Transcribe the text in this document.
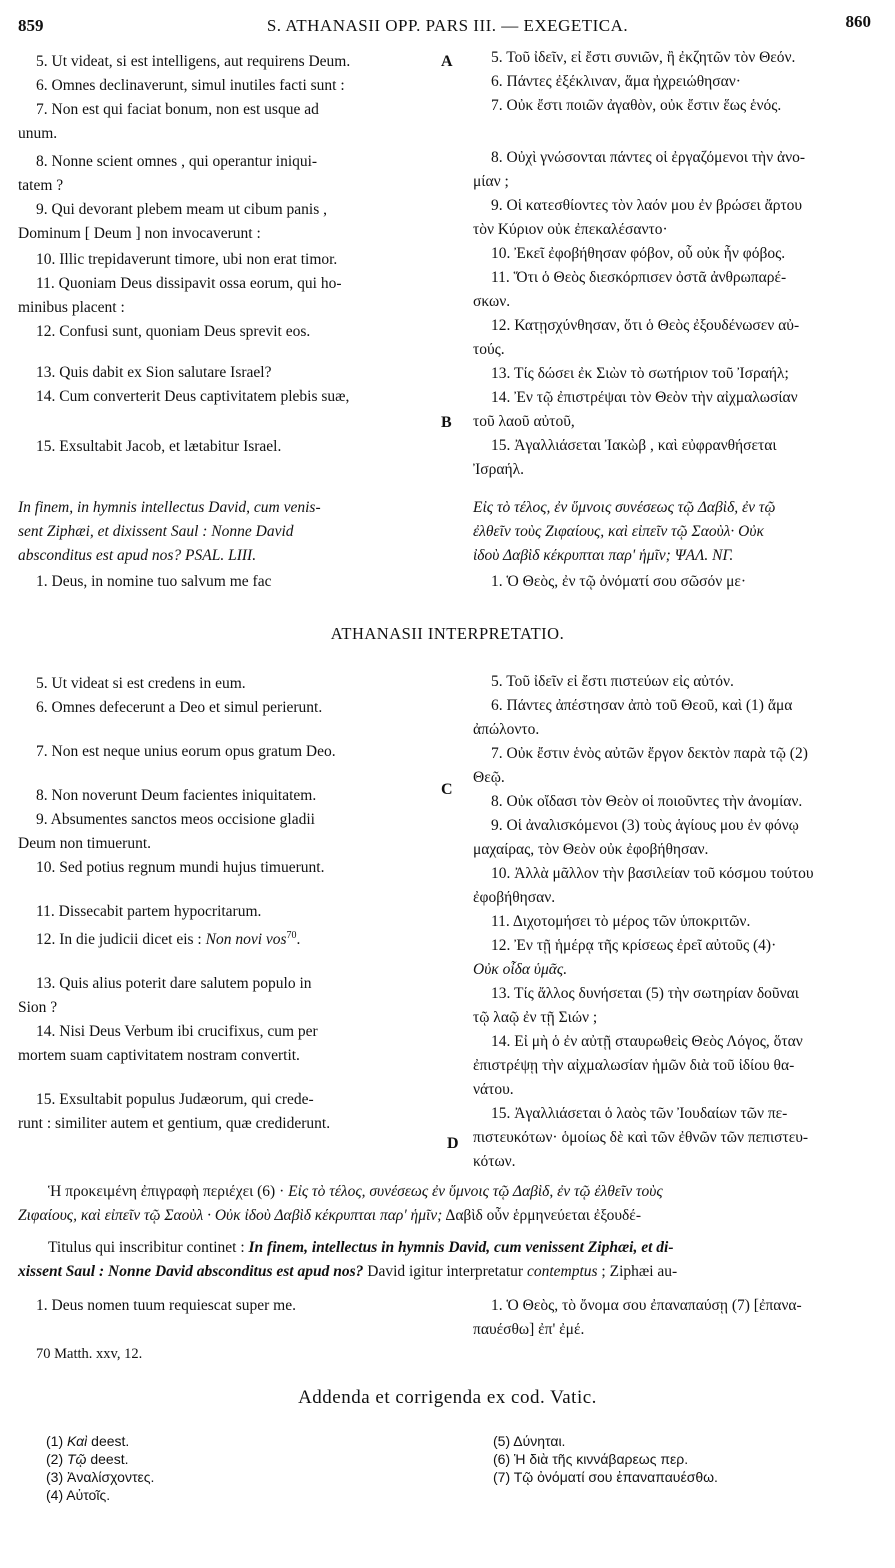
859	S. ATHANASII OPP. PARS III. — EXEGETICA.	860
5. Ut videat, si est intelligens, aut requirens Deum.
6. Omnes declinaverunt, simul inutiles facti sunt :
7. Non est qui faciat bonum, non est usque ad
unum.
8. Nonne scient omnes , qui operantur iniqui-
tatem ?
9. Qui devorant plebem meam ut cibum panis ,
Dominum [ Deum ] non invocaverunt :
10. Illic trepidaverunt timore, ubi non erat timor.
11. Quoniam Deus dissipavit ossa eorum, qui ho-
minibus placent :
12. Confusi sunt, quoniam Deus sprevit eos.
13. Quis dabit ex Sion salutare Israel?
14. Cum converterit Deus captivitatem plebis suæ,
15. Exsultabit Jacob, et lætabitur Israel.
A
B
5. Τοῦ ἰδεῖν, εἰ ἔστι συνιῶν, ἢ ἐκζητῶν τὸν Θεόν.
6. Πάντες ἐξέκλιναν, ἅμα ἠχρειώθησαν·
7. Οὐκ ἔστι ποιῶν ἀγαθὸν, οὐκ ἔστιν ἕως ἑνός.
8. Οὐχὶ γνώσονται πάντες οἱ ἐργαζόμενοι τὴν ἀνο-
μίαν ;
9. Οἱ κατεσθίοντες τὸν λαόν μου ἐν βρώσει ἄρτου
τὸν Κύριον οὐκ ἐπεκαλέσαντο·
10. Ἐκεῖ ἐφοβήθησαν φόβον, οὗ οὐκ ἦν φόβος.
11. Ὅτι ὁ Θεὸς διεσκόρπισεν ὀστᾶ ἀνθρωπαρέ-
σκων.
12. Κατῃσχύνθησαν, ὅτι ὁ Θεὸς ἐξουδένωσεν αὐ-
τούς.
13. Τίς δώσει ἐκ Σιὼν τὸ σωτήριον τοῦ Ἰσραήλ;
14. Ἐν τῷ ἐπιστρέψαι τὸν Θεὸν τὴν αἰχμαλωσίαν
τοῦ λαοῦ αὐτοῦ,
15. Ἀγαλλιάσεται Ἰακὼβ , καὶ εὐφρανθήσεται
Ἰσραήλ.
In finem, in hymnis intellectus David, cum venis-
sent Ziphæi, et dixissent Saul : Nonne David
absconditus est apud nos? PSAL. LIII.
Εἰς τὸ τέλος, ἐν ὕμνοις συνέσεως τῷ Δαβὶδ, ἐν τῷ
ἐλθεῖν τοὺς Ζιφαίους, καὶ εἰπεῖν τῷ Σαοὺλ· Οὐκ
ἰδοὺ Δαβὶδ κέκρυπται παρ' ἡμῖν; ΨΑΛ. ΝΓ.
1. Deus, in nomine tuo salvum me fac	1. Ὁ Θεὸς, ἐν τῷ ὀνόματί σου σῶσόν με·
ATHANASII INTERPRETATIO.
5. Ut videat si est credens in eum.
6. Omnes defecerunt a Deo et simul perierunt.
7. Non est neque unius eorum opus gratum Deo.
8. Non noverunt Deum facientes iniquitatem.
9. Absumentes sanctos meos occisione gladii
Deum non timuerunt.
10. Sed potius regnum mundi hujus timuerunt.
11. Dissecabit partem hypocritarum.
12. In die judicii dicet eis : Non novi vos$^{70}$.
13. Quis alius poterit dare salutem populo in
Sion ?
14. Nisi Deus Verbum ibi crucifixus, cum per
mortem suam captivitatem nostram convertit.
15. Exsultabit populus Judæorum, qui crede-
runt : similiter autem et gentium, quæ crediderunt.
C
D
5. Τοῦ ἰδεῖν εἰ ἔστι πιστεύων εἰς αὐτόν.
6. Πάντες ἀπέστησαν ἀπὸ τοῦ Θεοῦ, καὶ (1) ἅμα
ἀπώλοντο.
7. Οὐκ ἔστιν ἑνὸς αὐτῶν ἔργον δεκτὸν παρὰ τῷ (2)
Θεῷ.
8. Οὐκ οἴδασι τὸν Θεὸν οἱ ποιοῦντες τὴν ἀνομίαν.
9. Οἱ ἀναλισκόμενοι (3) τοὺς ἁγίους μου ἐν φόνῳ
μαχαίρας, τὸν Θεὸν οὐκ ἐφοβήθησαν.
10. Ἀλλὰ μᾶλλον τὴν βασιλείαν τοῦ κόσμου τούτου
ἐφοβήθησαν.
11. Διχοτομήσει τὸ μέρος τῶν ὑποκριτῶν.
12. Ἐν τῇ ἡμέρᾳ τῆς κρίσεως ἐρεῖ αὐτοῦς (4)·
Οὐκ οἶδα ὑμᾶς.
13. Τίς ἄλλος δυνήσεται (5) τὴν σωτηρίαν δοῦναι
τῷ λαῷ ἐν τῇ Σιών ;
14. Εἰ μὴ ὁ ἐν αὐτῇ σταυρωθεὶς Θεὸς Λόγος, ὅταν
ἐπιστρέψῃ τὴν αἰχμαλωσίαν ἡμῶν διὰ τοῦ ἰδίου θα-
νάτου.
15. Ἀγαλλιάσεται ὁ λαὸς τῶν Ἰουδαίων τῶν πε-
πιστευκότων· ὁμοίως δὲ καὶ τῶν ἐθνῶν τῶν πεπιστευ-
κότων.
Ἡ προκειμένη ἐπιγραφὴ περιέχει (6) · Εἰς τὸ τέλος, συνέσεως ἐν ὕμνοις τῷ Δαβὶδ, ἐν τῷ ἐλθεῖν τοὺς
Ζιφαίους, καὶ εἰπεῖν τῷ Σαοὺλ · Οὐκ ἰδοὺ Δαβὶδ κέκρυπται παρ' ἡμῖν; Δαβὶδ οὖν ἑρμηνεύεται ἐξουδέ-
Titulus qui inscribitur continet : In finem, intellectus in hymnis David, cum venissent Ziphæi, et di-
xissent Saul : Nonne David absconditus est apud nos? David igitur interpretatur contemptus ; Ziphæi au-
1. Deus nomen tuum requiescat super me.	1. Ὁ Θεὸς, τὸ ὄνομα σου ἐπαναπαύσῃ (7) [ἐπανα-
παυέσθω] ἐπ' ἐμέ.
70 Matth. xxv, 12.
Addenda et corrigenda ex cod. Vatic.
(1) Καὶ deest.
(2) Τῷ deest.
(3) Ἀναλίσχοντες.
(4) Αὐτοῖς.
(5) Δύνηται.
(6) Ἡ διὰ τῆς κιννάβαρεως περ.
(7) Τῷ ὀνόματί σου ἐπαναπαυέσθω.
